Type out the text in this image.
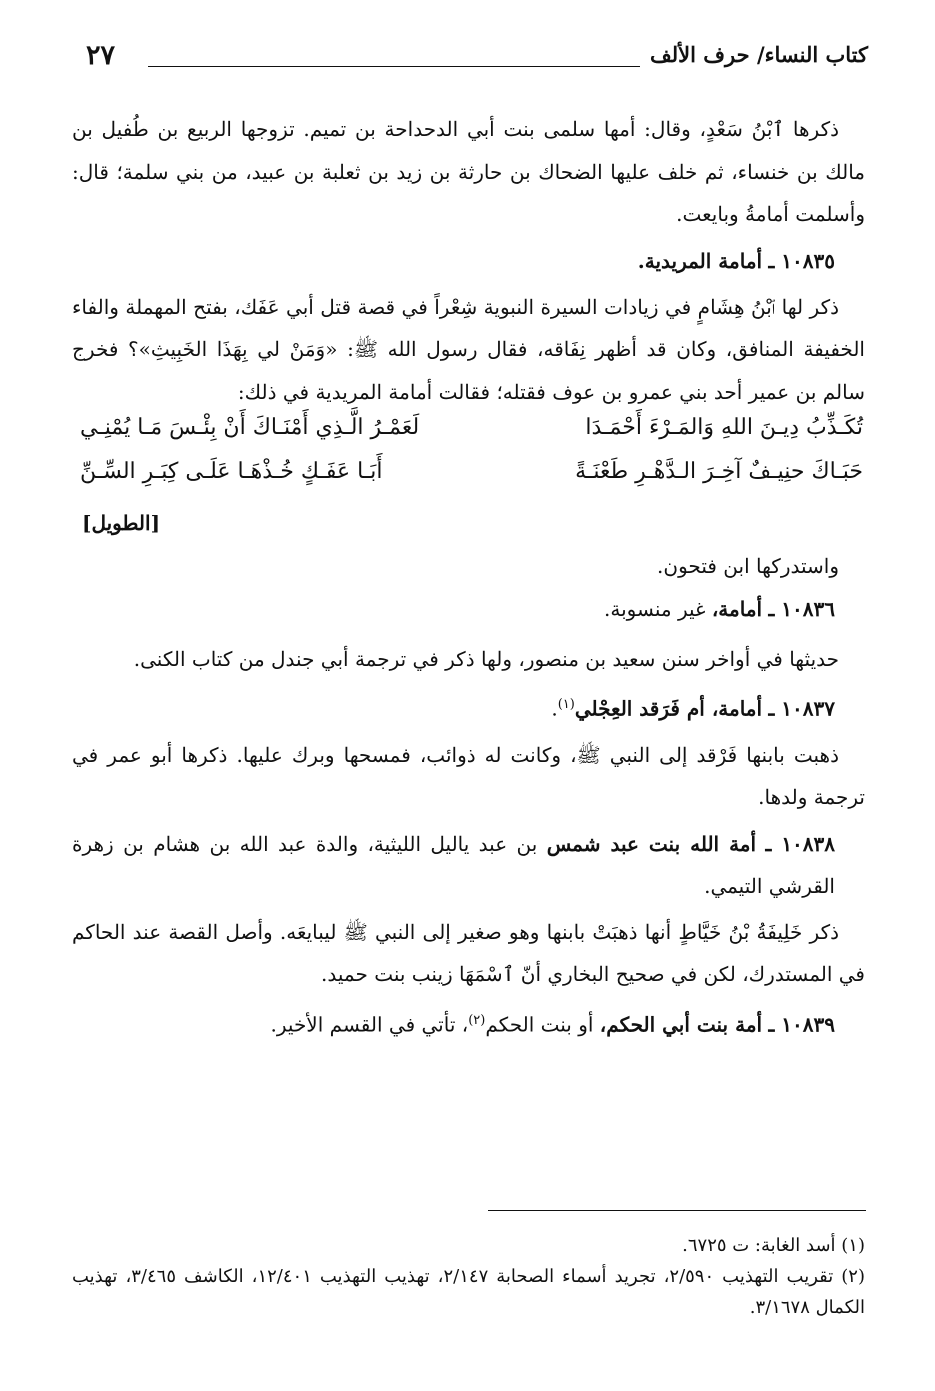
٢٧	كتاب النساء/ حرف الألف

ذكرها ٱبْنُ سَعْدٍ، وقال: أمها سلمى بنت أبي الدحداحة بن تميم. تزوجها الربيع بن طُفيل بن مالك بن خنساء، ثم خلف عليها الضحاك بن حارثة بن زيد بن ثعلبة بن عبيد، من بني سلمة؛ قال: وأسلمت أمامةُ وبايعت.

١٠٨٣٥ ـ أمامة المريدية.

ذكر لها ٱبْنُ هِشَامٍ في زيادات السيرة النبوية شِعْراً في قصة قتل أبي عَفَك، بفتح المهملة والفاء الخفيفة المنافق، وكان قد أظهر نِفَاقه، فقال رسول الله ﷺ: «وَمَنْ لي بِهَذَا الخَبِيثِ»؟ فخرج سالم بن عمير أحد بني عمرو بن عوف فقتله؛ فقالت أمامة المريدية في ذلك:

تُكَـذِّبُ دِيـنَ اللهِ وَالمَـرْءَ أَحْمَـدَا
لَعَمْـرُ الَّـذِي أَمْنَـاكَ أَنْ بِئْـسَ مَـا يُمْنِـي
حَبَـاكَ حنِيـفٌ آخِـرَ الـدَّهْـرِ طَعْنَـةً
أَبَـا عَفَـكٍ خُـذْهَـا عَلَـى كِبَـرِ السِّـنِّ
[الطويل]

واستدركها ابن فتحون.

١٠٨٣٦ ـ أمامة، غير منسوبة.

حديثها في أواخر سنن سعيد بن منصور، ولها ذكر في ترجمة أبي جندل من كتاب الكنى.

١٠٨٣٧ ـ أمامة، أم فَرَقد العِجْلي$^{(١)}$.

ذهبت بابنها فَرْقد إلى النبي ﷺ، وكانت له ذوائب، فمسحها وبرك عليها. ذكرها أبو عمر في ترجمة ولدها.

١٠٨٣٨ ـ أمة الله بنت عبد شمس بن عبد ياليل الليثية، والدة عبد الله بن هشام بن زهرة القرشي التيمي.

ذكر خَلِيفَةُ بْنُ خَيَّاطٍ أنها ذهبَتْ بابنها وهو صغير إلى النبي ﷺ ليبايعَه. وأصل القصة عند الحاكم في المستدرك، لكن في صحيح البخاري أنّ ٱسْمَهَا زينب بنت حميد.

١٠٨٣٩ ـ أمة بنت أبي الحكم، أو بنت الحكم$^{(٢)}$، تأتي في القسم الأخير.

(١) أسد الغابة: ت ٦٧٢٥.

(٢) تقريب التهذيب ٢/٥٩٠، تجريد أسماء الصحابة ٢/١٤٧، تهذيب التهذيب ١٢/٤٠١، الكاشف ٣/٤٦٥، تهذيب الكمال ٣/١٦٧٨.
